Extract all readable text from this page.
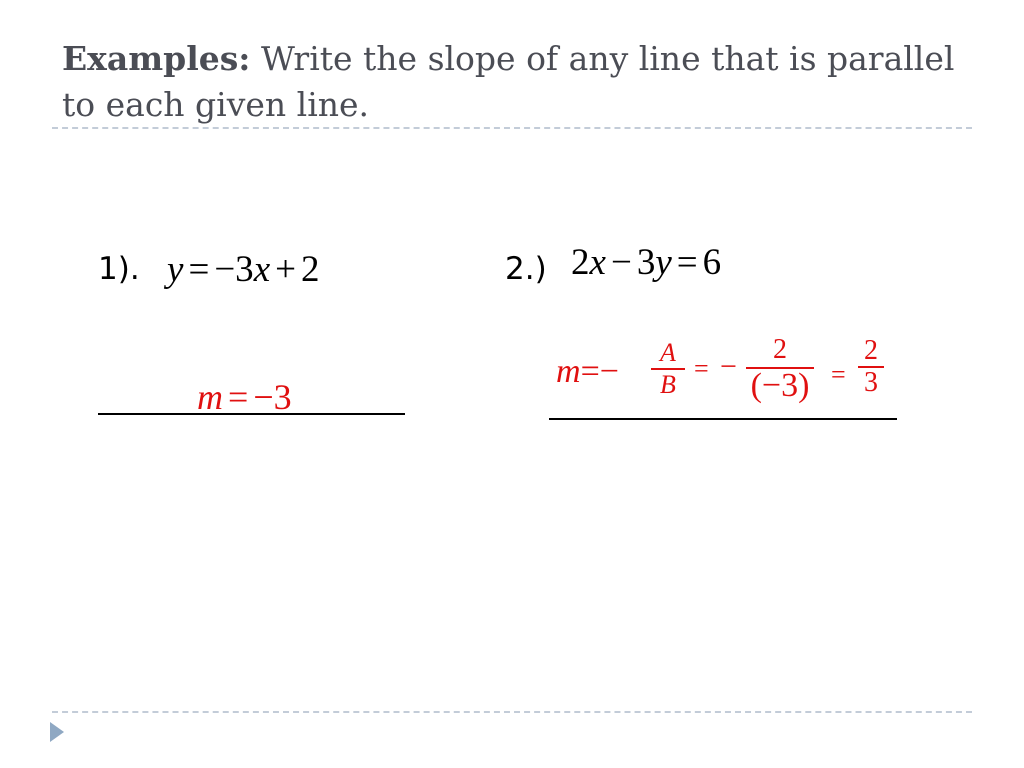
Examples: Write the slope of any line that is parallel to each given line.
1). y = −3x + 2
m = −3
2.) 2x − 3y = 6
m=−
A
B
= −
2
(−3) =
2
3
